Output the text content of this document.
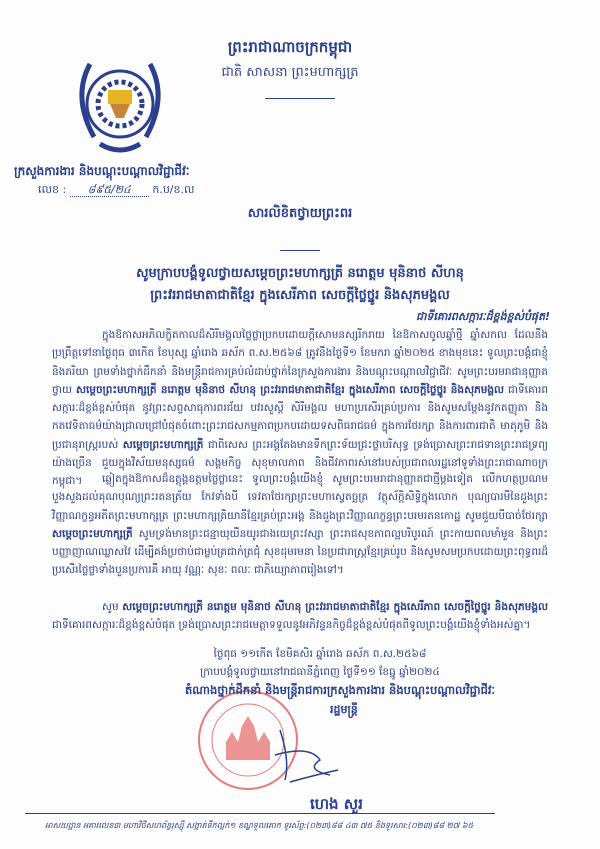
ព្រះរាជាណាចក្រកម្ពុជា
ជាតិ សាសនា ព្រះមហាក្សត្រ
ក្រសួងការងារ និងបណ្តុះបណ្តាលវិជ្ជាជីវៈ
លេខ : ៨៩៥/២៤ ក.ប/ខ.ល
សារលិខិតថ្វាយព្រះពរ
សូមក្រាបបង្គំទូលថ្វាយសម្តេចព្រះមហាក្សត្រី នរោត្តម មុនិនាថ សីហនុ
ព្រះវររាជមាតាជាតិខ្មែរ ក្នុងសេរីភាព សេចក្តីថ្លៃថ្នូរ និងសុភមង្គល
ជាទីគោរពសក្ការៈដ៏ខ្ពង់ខ្ពស់បំផុត!
ក្នុងឱកាសអភិលក្ខិតកាលដ៏សិរីមង្គលថ្លៃថ្លាប្រកបដោយក្តីសោមនស្សរីករាយ នៃឱកាសចូលឆ្នាំថ្មី ឆ្នាំសកល ដែលនឹងប្រព្រឹត្តទៅនាថ្ងៃពុធ ៣កើត ខែបុស្ស ឆ្នាំរោង ឆស័ក ព.ស.២៥៦៨ ត្រូវនឹងថ្ងៃទី១ ខែមករា ឆ្នាំ២០២៥ ខាងមុខនេះ ទូលព្រះបង្គំជាខ្ញុំ និងភរិយា ព្រមទាំងថ្នាក់ដឹកនាំ និងមន្ត្រីរាជការគ្រប់លំដាប់ថ្នាក់នៃក្រសួងការងារ និងបណ្តុះបណ្តាលវិជ្ជាជីវៈ សូមព្រះបរមរាជានុញ្ញាតថ្វាយ សម្តេចព្រះមហាក្សត្រី នរោត្តម មុនិនាថ សីហនុ ព្រះវររាជមាតាជាតិខ្មែរ ក្នុងសេរីភាព សេចក្តីថ្លៃថ្នូរ និងសុភមង្គល ជាទីគោរពសក្ការៈដ៏ខ្ពង់ខ្ពស់បំផុត នូវព្រះសព្ទសាធុការពរជ័យ បវរសួស្តី សិរីមង្គល មហាប្រសើរគ្រប់ប្រការ និងសូមសម្តែងនូវកតញ្ញុតា និងកតវេទិតាធម៌យ៉ាងជ្រាលជ្រៅបំផុតចំពោះព្រះរាជសកម្មភាពប្រកបដោយទសពិធរាជធម៌ ក្នុងការថែរក្សា និងការពារជាតិ មាតុភូមិ និងប្រជានុរាស្ត្ររបស់ សម្តេចព្រះមហាក្សត្រី ជាពិសេស ព្រះអង្គតែងមានទឹកព្រះទ័យជ្រះថ្លាបរិសុទ្ធ ទ្រង់ប្រោសព្រះរាជទានព្រះរាជទ្រព្យយ៉ាងច្រើន ជួយក្នុងវិស័យមនុស្សធម៌ សង្គមកិច្ច សុខុមាលភាព និងជីវភាពរស់នៅរបស់ប្រជាពលរដ្ឋនៅទូទាំងព្រះរាជាណាចក្រកម្ពុជា។	ឆ្លៀតក្នុងឱកាសដ៏ឧត្តុង្គឧត្តមថ្លៃថ្លានេះ ទូលព្រះបង្គំយើងខ្ញុំ សូមព្រះបរមរាជានុញ្ញាតជាថ្មីម្តងទៀត លើកហត្ថប្រណមបួងសួងដល់គុណបុណ្យព្រះរតនត្រ័យ កែវទាំងបី ទេវតាថែរក្សាព្រះមហាស្វេតច្ឆត្រ វត្ថុស័ក្តិសិទ្ធិក្នុងលោក បុណ្យបារមីនៃដួងព្រះវិញ្ញាណក្ខន្ធអតីតព្រះមហាក្សត្រ ព្រះមហាក្សត្រិយានីខ្មែរគ្រប់ព្រះអង្គ និងដួងព្រះវិញ្ញាណក្ខន្ធព្រះបរមរតនកោដ្ឋ សូមជួយបីបាច់ថែរក្សា សម្តេចព្រះមហាក្សត្រី សូមទ្រង់មានព្រះជន្មាយុយឺនយូរជាងយេព្រះវស្សា ព្រះរាជសុខភាពល្អបរិបូរណ៍ ព្រះកាយពលមាំមួន និងព្រះបញ្ញាញាណឈ្លាសវៃ ដើម្បីគង់ប្រថាប់ជាម្លប់ត្រជាក់ត្រជុំ សុខដុមរមនា នៃប្រជារាស្ត្រខ្មែរគ្រប់រូប និងសូមសមប្រកបដោយព្រះពុទ្ធពរដ៏ប្រសើរថ្លៃថ្លាទាំងបួនប្រការគឺ អាយុ វណ្ណៈ សុខៈ ពលៈ ជាភិយ្យោភាពរៀងទៅ។
សូម សម្តេចព្រះមហាក្សត្រី នរោត្តម មុនិនាថ សីហនុ ព្រះវររាជមាតាជាតិខ្មែរ ក្នុងសេរីភាព សេចក្តីថ្លៃថ្នូរ និងសុភមង្គល ជាទីគោរពសក្ការៈដ៏ខ្ពង់ខ្ពស់បំផុត ទ្រង់ប្រោសព្រះរាជមេត្តាទទួលនូវអភិវន្ទនកិច្ចដ៏ខ្ពង់ខ្ពស់បំផុតពីទូលព្រះបង្គំយើងខ្ញុំទាំងអស់គ្នា។
ថ្ងៃពុធ ១១កើត ខែមិគសិរ ឆ្នាំរោង ឆស័ក ព.ស.២៥៦៨
ក្រាបបង្គំទូលថ្វាយនៅរាជធានីភ្នំពេញ ថ្ងៃទី១១ ខែធ្នូ ឆ្នាំ២០២៤
តំណាងថ្នាក់ដឹកនាំ និងមន្ត្រីរាជការក្រសួងការងារ និងបណ្តុះបណ្តាលវិជ្ជាជីវៈ
រដ្ឋមន្ត្រី
ហេង សួរ
អាសយដ្ឋាន អគារលេខ៣ មហាវិថីសហព័ន្ធរុស្ស៊ី សង្កាត់ទឹកល្អក់១ ខណ្ឌទួលគោក ទូរស័ព្ទ:(០២៣)៨៨ ៤៣ ៧៥ និងទូរសារ:(០២៣)៨៨ ២៧ ៦៥
